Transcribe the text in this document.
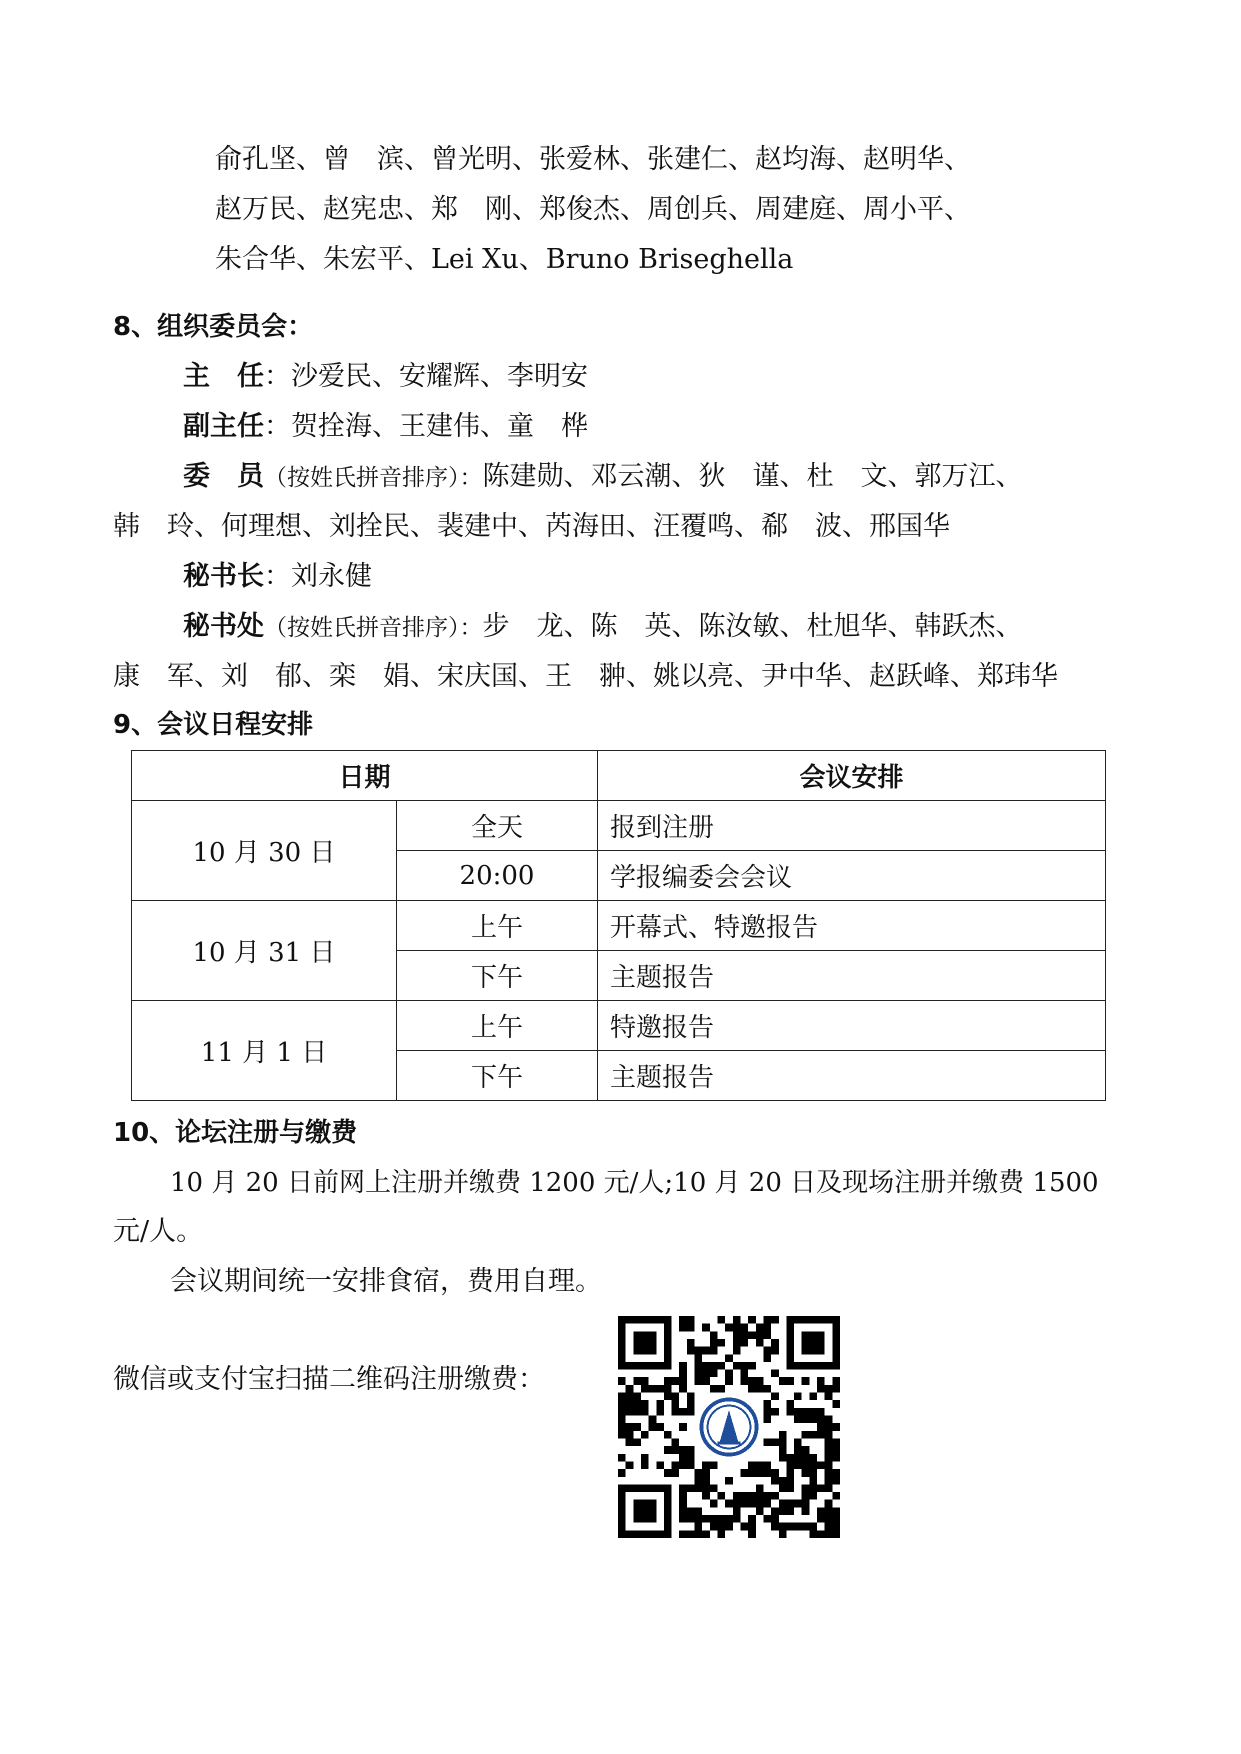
俞孔坚、曾　滨、曾光明、张爱林、张建仁、赵均海、赵明华、
赵万民、赵宪忠、郑　刚、郑俊杰、周创兵、周建庭、周小平、
朱合华、朱宏平、Lei Xu、Bruno Briseghella
8、组织委员会：
主　任：沙爱民、安耀辉、李明安
副主任：贺拴海、王建伟、童　桦
委　员（按姓氏拼音排序）：陈建勋、邓云潮、狄　谨、杜　文、郭万江、
韩　玲、何理想、刘拴民、裴建中、芮海田、汪覆鸣、郗　波、邢国华
秘书长：刘永健
秘书处（按姓氏拼音排序）：步　龙、陈　英、陈汝敏、杜旭华、韩跃杰、
康　军、刘　郁、栾　娟、宋庆国、王　翀、姚以亮、尹中华、赵跃峰、郑玮华
9、会议日程安排
日期		会议安排
10 月 30 日	全天	报到注册
	20:00	学报编委会会议
10 月 31 日	上午	开幕式、特邀报告
	下午	主题报告
11 月 1 日	上午	特邀报告
	下午	主题报告
10、论坛注册与缴费
10 月 20 日前网上注册并缴费 1200 元/人;10 月 20 日及现场注册并缴费 1500
元/人。
会议期间统一安排食宿，费用自理。
微信或支付宝扫描二维码注册缴费：
